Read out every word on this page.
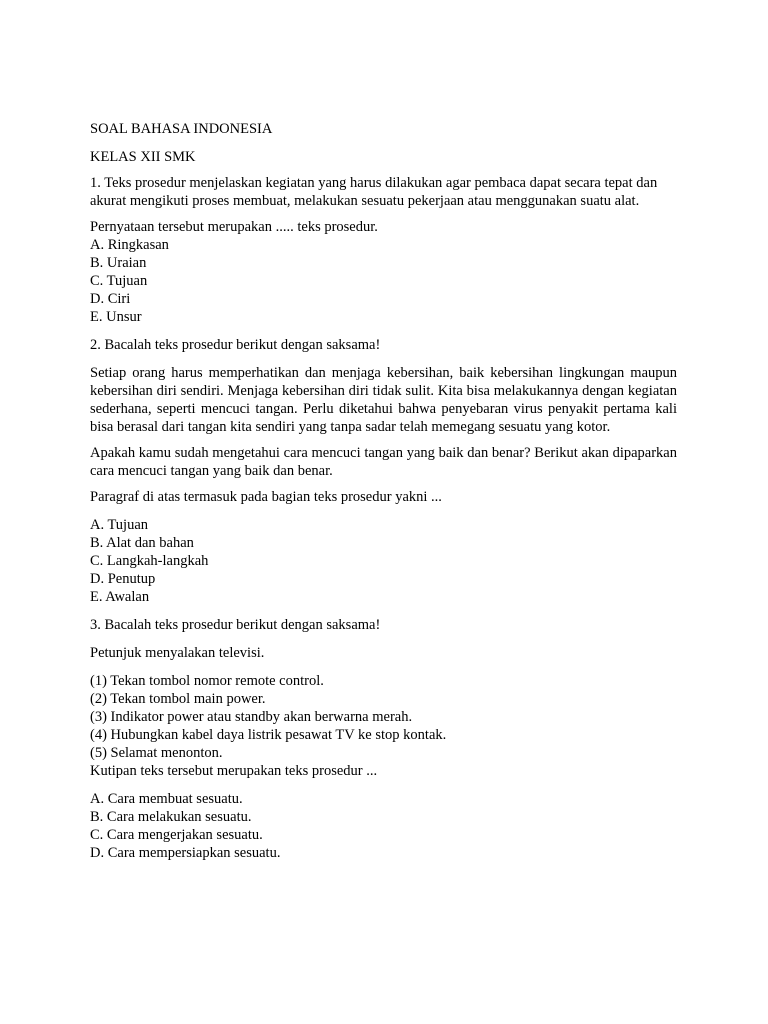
SOAL BAHASA INDONESIA

KELAS XII SMK

1. Teks prosedur menjelaskan kegiatan yang harus dilakukan agar pembaca dapat secara tepat dan akurat mengikuti proses membuat, melakukan sesuatu pekerjaan atau menggunakan suatu alat.

Pernyataan tersebut merupakan ..... teks prosedur.

A. Ringkasan
B. Uraian
C. Tujuan
D. Ciri
E. Unsur

2. Bacalah teks prosedur berikut dengan saksama!

Setiap orang harus memperhatikan dan menjaga kebersihan, baik kebersihan lingkungan maupun kebersihan diri sendiri. Menjaga kebersihan diri tidak sulit. Kita bisa melakukannya dengan kegiatan sederhana, seperti mencuci tangan. Perlu diketahui bahwa penyebaran virus penyakit pertama kali bisa berasal dari tangan kita sendiri yang tanpa sadar telah memegang sesuatu yang kotor.

Apakah kamu sudah mengetahui cara mencuci tangan yang baik dan benar? Berikut akan dipaparkan cara mencuci tangan yang baik dan benar.

Paragraf di atas termasuk pada bagian teks prosedur yakni ...

A. Tujuan
B. Alat dan bahan
C. Langkah-langkah
D. Penutup
E. Awalan

3. Bacalah teks prosedur berikut dengan saksama!

Petunjuk menyalakan televisi.

(1) Tekan tombol nomor remote control.
(2) Tekan tombol main power.
(3) Indikator power atau standby akan berwarna merah.
(4) Hubungkan kabel daya listrik pesawat TV ke stop kontak.
(5) Selamat menonton.

Kutipan teks tersebut merupakan teks prosedur ...

A. Cara membuat sesuatu.
B. Cara melakukan sesuatu.
C. Cara mengerjakan sesuatu.
D. Cara mempersiapkan sesuatu.
